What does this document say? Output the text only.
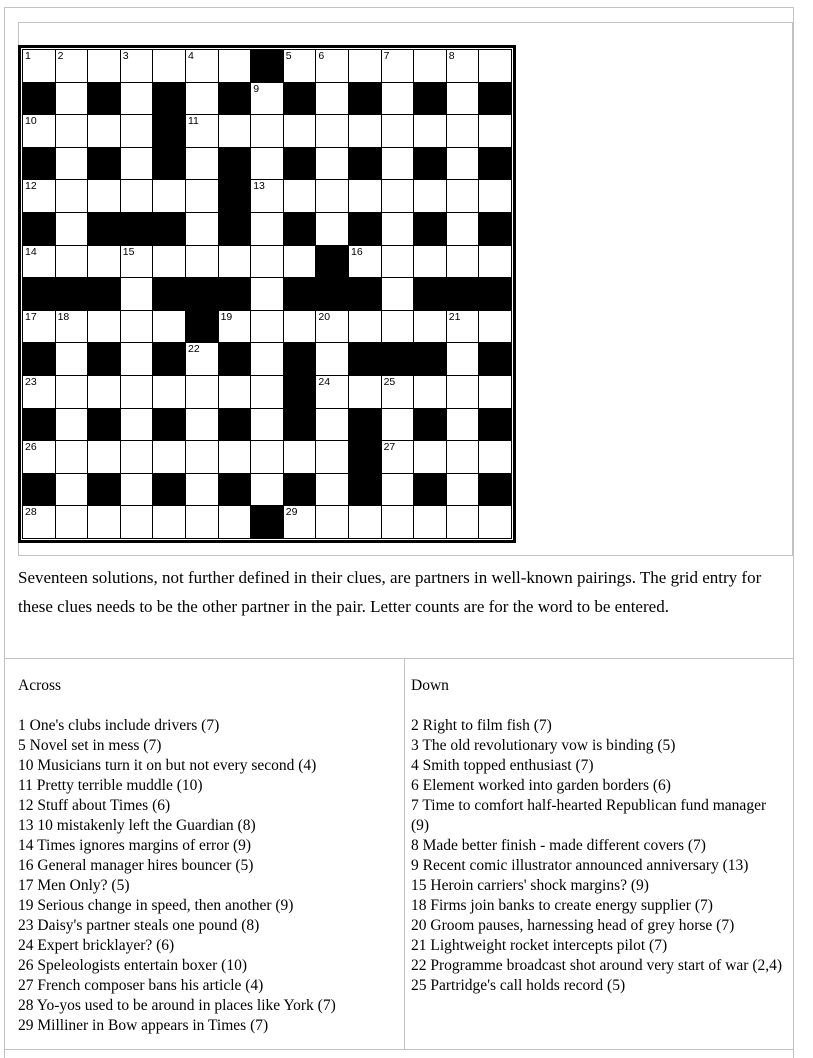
1	2	3	4	5	6	7	8
9
10	11
12	13
14	15	16
17 18	19	20	21
22
23	24	25
26	27
28	29
Seventeen solutions, not further defined in their clues, are partners in well-known pairings. The grid entry for these clues needs to be the other partner in the pair. Letter counts are for the word to be entered.
Across
1 One's clubs include drivers (7)
5 Novel set in mess (7)
10 Musicians turn it on but not every second (4)
11 Pretty terrible muddle (10)
12 Stuff about Times (6)
13 10 mistakenly left the Guardian (8)
14 Times ignores margins of error (9)
16 General manager hires bouncer (5)
17 Men Only? (5)
19 Serious change in speed, then another (9)
23 Daisy's partner steals one pound (8)
24 Expert bricklayer? (6)
26 Speleologists entertain boxer (10)
27 French composer bans his article (4)
28 Yo-yos used to be around in places like York (7)
29 Milliner in Bow appears in Times (7)
Down
2 Right to film fish (7)
3 The old revolutionary vow is binding (5)
4 Smith topped enthusiast (7)
6 Element worked into garden borders (6)
7 Time to comfort half-hearted Republican fund manager (9)
8 Made better finish - made different covers (7)
9 Recent comic illustrator announced anniversary (13)
15 Heroin carriers' shock margins? (9)
18 Firms join banks to create energy supplier (7)
20 Groom pauses, harnessing head of grey horse (7)
21 Lightweight rocket intercepts pilot (7)
22 Programme broadcast shot around very start of war (2,4)
25 Partridge's call holds record (5)
